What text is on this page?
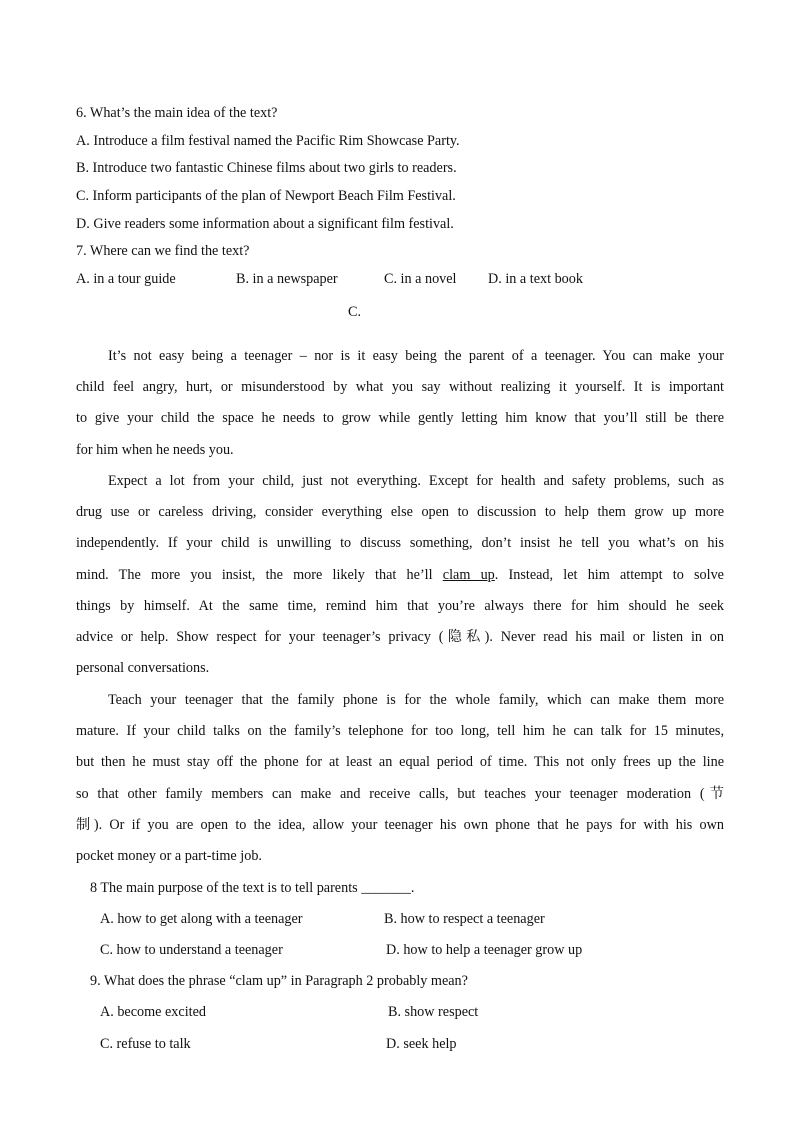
6. What’s the main idea of the text?
A. Introduce a film festival named the Pacific Rim Showcase Party.
B. Introduce two fantastic Chinese films about two girls to readers.
C. Inform participants of the plan of Newport Beach Film Festival.
D. Give readers some information about a significant film festival.
7. Where can we find the text?
A. in a tour guide	B. in a newspaper	C. in a novel D. in a text book
C.
It’s not easy being a teenager – nor is it easy being the parent of a teenager. You can make your
child feel angry, hurt, or misunderstood by what you say without realizing it yourself. It is important
to give your child the space he needs to grow while gently letting him know that you’ll still be there
for him when he needs you.
Expect a lot from your child, just not everything. Except for health and safety problems, such as
drug use or careless driving, consider everything else open to discussion to help them grow up more
independently. If your child is unwilling to discuss something, don’t insist he tell you what’s on his
mind. The more you insist, the more likely that he’ll clam up. Instead, let him attempt to solve
things by himself. At the same time, remind him that you’re always there for him should he seek
advice or help. Show respect for your teenager’s privacy (隐私). Never read his mail or listen in on
personal conversations.
Teach your teenager that the family phone is for the whole family, which can make them more
mature. If your child talks on the family’s telephone for too long, tell him he can talk for 15 minutes,
but then he must stay off the phone for at least an equal period of time. This not only frees up the line
so that other family members can make and receive calls, but teaches your teenager moderation (节
制). Or if you are open to the idea, allow your teenager his own phone that he pays for with his own
pocket money or a part-time job.
8 The main purpose of the text is to tell parents _______.
A. how to get along with a teenager	B. how to respect a teenager
C. how to understand a teenager	D. how to help a teenager grow up
9. What does the phrase “clam up” in Paragraph 2 probably mean?
A. become excited	B. show respect
C. refuse to talk	D. seek help
